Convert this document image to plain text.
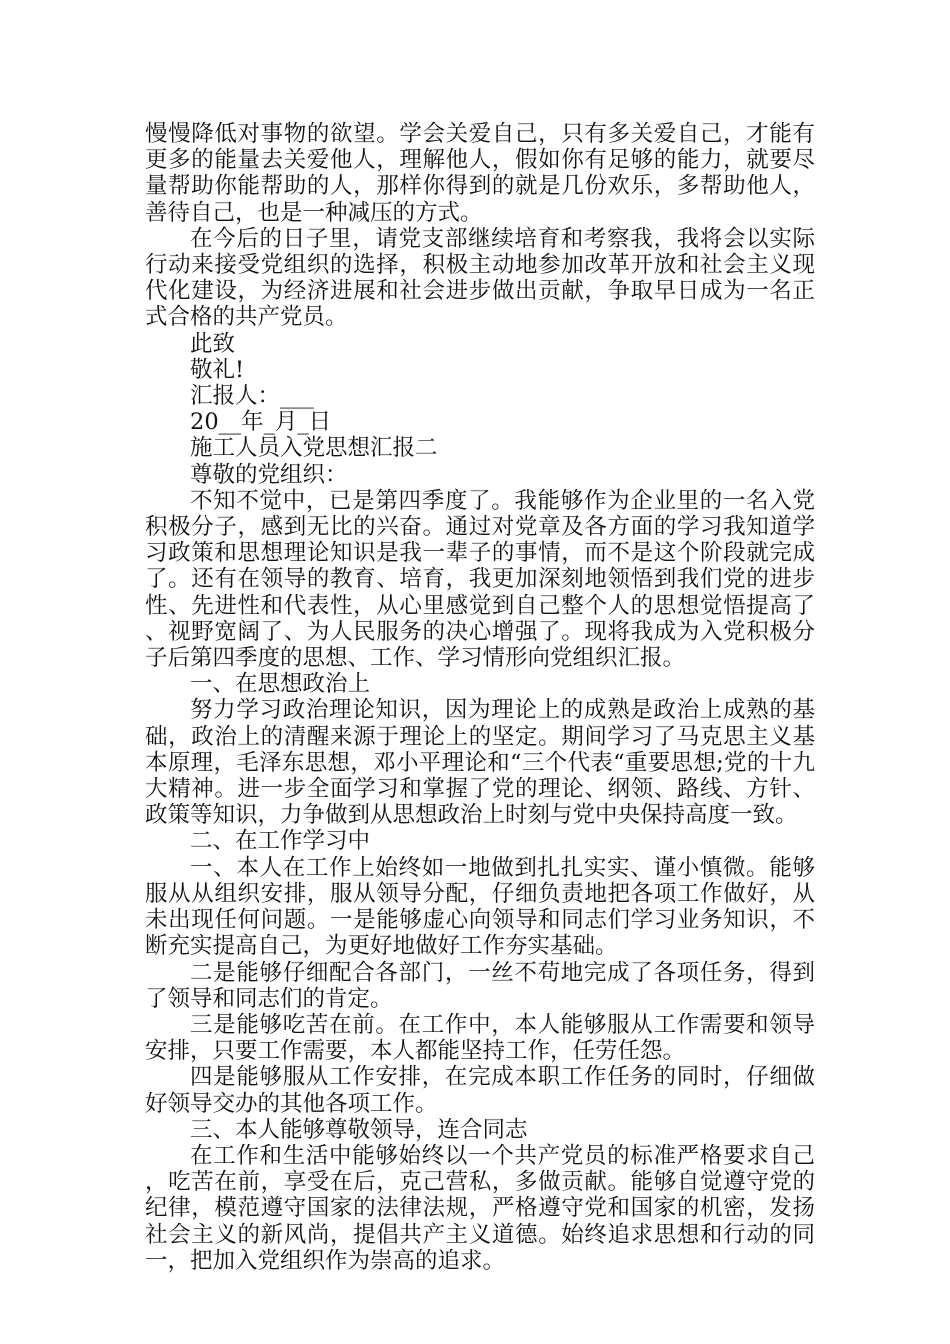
慢慢降低对事物的欲望。学会关爱自己，只有多关爱自己，才能有更多的能量去关爱他人，理解他人，假如你有足够的能力，就要尽量帮助你能帮助的人，那样你得到的就是几份欢乐，多帮助他人，善待自己，也是一种减压的方式。

在今后的日子里，请党支部继续培育和考察我，我将会以实际行动来接受党组织的选择，积极主动地参加改革开放和社会主义现代化建设，为经济进展和社会进步做出贡献，争取早日成为一名正式合格的共产党员。

此致

敬礼!

汇报人：___

20__年_月_日

施工人员入党思想汇报二

尊敬的党组织：

不知不觉中，已是第四季度了。我能够作为企业里的一名入党积极分子，感到无比的兴奋。通过对党章及各方面的学习我知道学习政策和思想理论知识是我一辈子的事情，而不是这个阶段就完成了。还有在领导的教育、培育，我更加深刻地领悟到我们党的进步性、先进性和代表性，从心里感觉到自己整个人的思想觉悟提高了、视野宽阔了、为人民服务的决心增强了。现将我成为入党积极分子后第四季度的思想、工作、学习情形向党组织汇报。

一、在思想政治上

努力学习政治理论知识，因为理论上的成熟是政治上成熟的基础，政治上的清醒来源于理论上的坚定。期间学习了马克思主义基本原理，毛泽东思想，邓小平理论和“三个代表“重要思想;党的十九大精神。进一步全面学习和掌握了党的理论、纲领、路线、方针、政策等知识，力争做到从思想政治上时刻与党中央保持高度一致。

二、在工作学习中

一、本人在工作上始终如一地做到扎扎实实、谨小慎微。能够服从从组织安排，服从领导分配，仔细负责地把各项工作做好，从未出现任何问题。一是能够虚心向领导和同志们学习业务知识，不断充实提高自己，为更好地做好工作夯实基础。

二是能够仔细配合各部门，一丝不苟地完成了各项任务，得到了领导和同志们的肯定。

三是能够吃苦在前。在工作中，本人能够服从工作需要和领导安排，只要工作需要，本人都能坚持工作，任劳任怨。

四是能够服从工作安排，在完成本职工作任务的同时，仔细做好领导交办的其他各项工作。

三、本人能够尊敬领导，连合同志

在工作和生活中能够始终以一个共产党员的标准严格要求自己，吃苦在前，享受在后，克己营私，多做贡献。能够自觉遵守党的纪律，模范遵守国家的法律法规，严格遵守党和国家的机密，发扬社会主义的新风尚，提倡共产主义道德。始终追求思想和行动的同一，把加入党组织作为崇高的追求。
